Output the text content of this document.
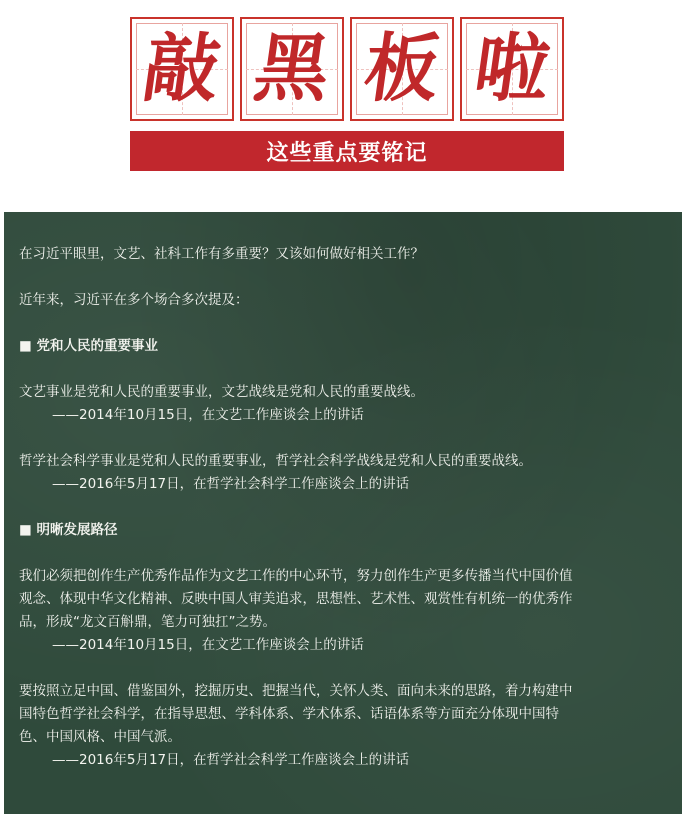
敲 黑 板 啦
这些重点要铭记

在习近平眼里，文艺、社科工作有多重要？又该如何做好相关工作？

近年来，习近平在多个场合多次提及：

■ 党和人民的重要事业

文艺事业是党和人民的重要事业，文艺战线是党和人民的重要战线。

——2014年10月15日，在文艺工作座谈会上的讲话

哲学社会科学事业是党和人民的重要事业，哲学社会科学战线是党和人民的重要战线。

——2016年5月17日，在哲学社会科学工作座谈会上的讲话

■ 明晰发展路径

我们必须把创作生产优秀作品作为文艺工作的中心环节，努力创作生产更多传播当代中国价值

观念、体现中华文化精神、反映中国人审美追求，思想性、艺术性、观赏性有机统一的优秀作

品，形成“龙文百斛鼎，笔力可独扛”之势。

——2014年10月15日，在文艺工作座谈会上的讲话

要按照立足中国、借鉴国外，挖掘历史、把握当代，关怀人类、面向未来的思路，着力构建中

国特色哲学社会科学，在指导思想、学科体系、学术体系、话语体系等方面充分体现中国特

色、中国风格、中国气派。

——2016年5月17日，在哲学社会科学工作座谈会上的讲话
